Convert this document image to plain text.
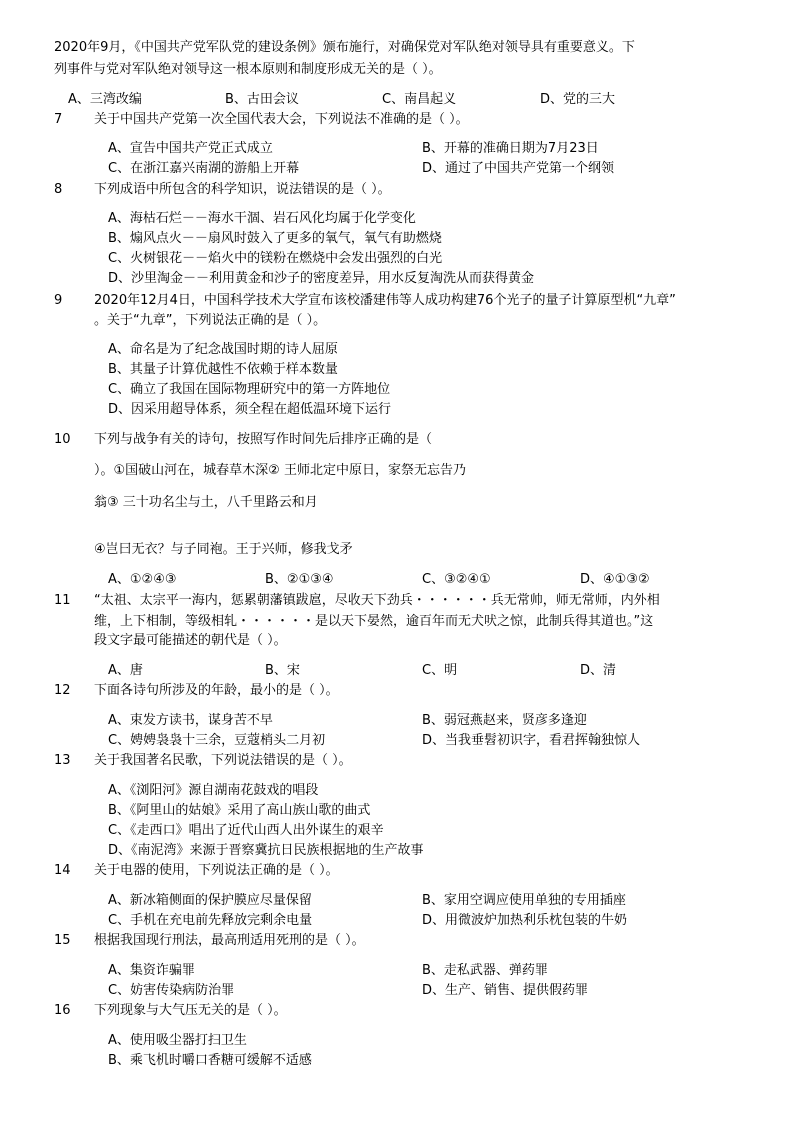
2020年9月，《中国共产党军队党的建设条例》颁布施行，对确保党对军队绝对领导具有重要意义。下
列事件与党对军队绝对领导这一根本原则和制度形成无关的是（ ）。
A、三湾改编	B、古田会议	C、南昌起义	D、党的三大
7 关于中国共产党第一次全国代表大会，下列说法不准确的是（ ）。
A、宣告中国共产党正式成立	B、开幕的准确日期为7月23日
C、在浙江嘉兴南湖的游船上开幕	D、通过了中国共产党第一个纲领
8 下列成语中所包含的科学知识，说法错误的是（ ）。
A、海枯石烂－－海水干涸、岩石风化均属于化学变化
B、煽风点火－－扇风时鼓入了更多的氧气，氧气有助燃烧
C、火树银花－－焰火中的镁粉在燃烧中会发出强烈的白光
D、沙里淘金－－利用黄金和沙子的密度差异，用水反复淘洗从而获得黄金
9 2020年12月4日，中国科学技术大学宣布该校潘建伟等人成功构建76个光子的量子计算原型机“九章”
。关于“九章”，下列说法正确的是（ ）。
A、命名是为了纪念战国时期的诗人屈原
B、其量子计算优越性不依赖于样本数量
C、确立了我国在国际物理研究中的第一方阵地位
D、因采用超导体系，须全程在超低温环境下运行
10 下列与战争有关的诗句，按照写作时间先后排序正确的是（
）。①国破山河在，城春草木深② 王师北定中原日，家祭无忘告乃
翁③ 三十功名尘与土，八千里路云和月
④岂曰无衣？与子同袍。王于兴师，修我戈矛
A、①②④③	B、②①③④	C、③②④①	D、④①③②
11 “太祖、太宗平一海内，惩累朝藩镇跋扈，尽收天下劲兵・・・・・・兵无常帅，师无常师，内外相
维，上下相制，等级相轧・・・・・・是以天下晏然，逾百年而无犬吠之惊，此制兵得其道也。”这
段文字最可能描述的朝代是（ ）。
A、唐	B、宋	C、明	D、清
12 下面各诗句所涉及的年龄，最小的是（ ）。
A、束发方读书，谋身苦不早	B、弱冠燕赵来，贤彦多逢迎
C、娉娉袅袅十三余，豆蔻梢头二月初	D、当我垂髫初识字，看君挥翰独惊人
13 关于我国著名民歌，下列说法错误的是（ ）。
A、《浏阳河》源自湖南花鼓戏的唱段
B、《阿里山的姑娘》采用了高山族山歌的曲式
C、《走西口》唱出了近代山西人出外谋生的艰辛
D、《南泥湾》来源于晋察冀抗日民族根据地的生产故事
14 关于电器的使用，下列说法正确的是（ ）。
A、新冰箱侧面的保护膜应尽量保留	B、家用空调应使用单独的专用插座
C、手机在充电前先释放完剩余电量	D、用微波炉加热利乐枕包装的牛奶
15 根据我国现行刑法，最高刑适用死刑的是（ ）。
A、集资诈骗罪	B、走私武器、弹药罪
C、妨害传染病防治罪	D、生产、销售、提供假药罪
16 下列现象与大气压无关的是（ ）。
A、使用吸尘器打扫卫生
B、乘飞机时嚼口香糖可缓解不适感
